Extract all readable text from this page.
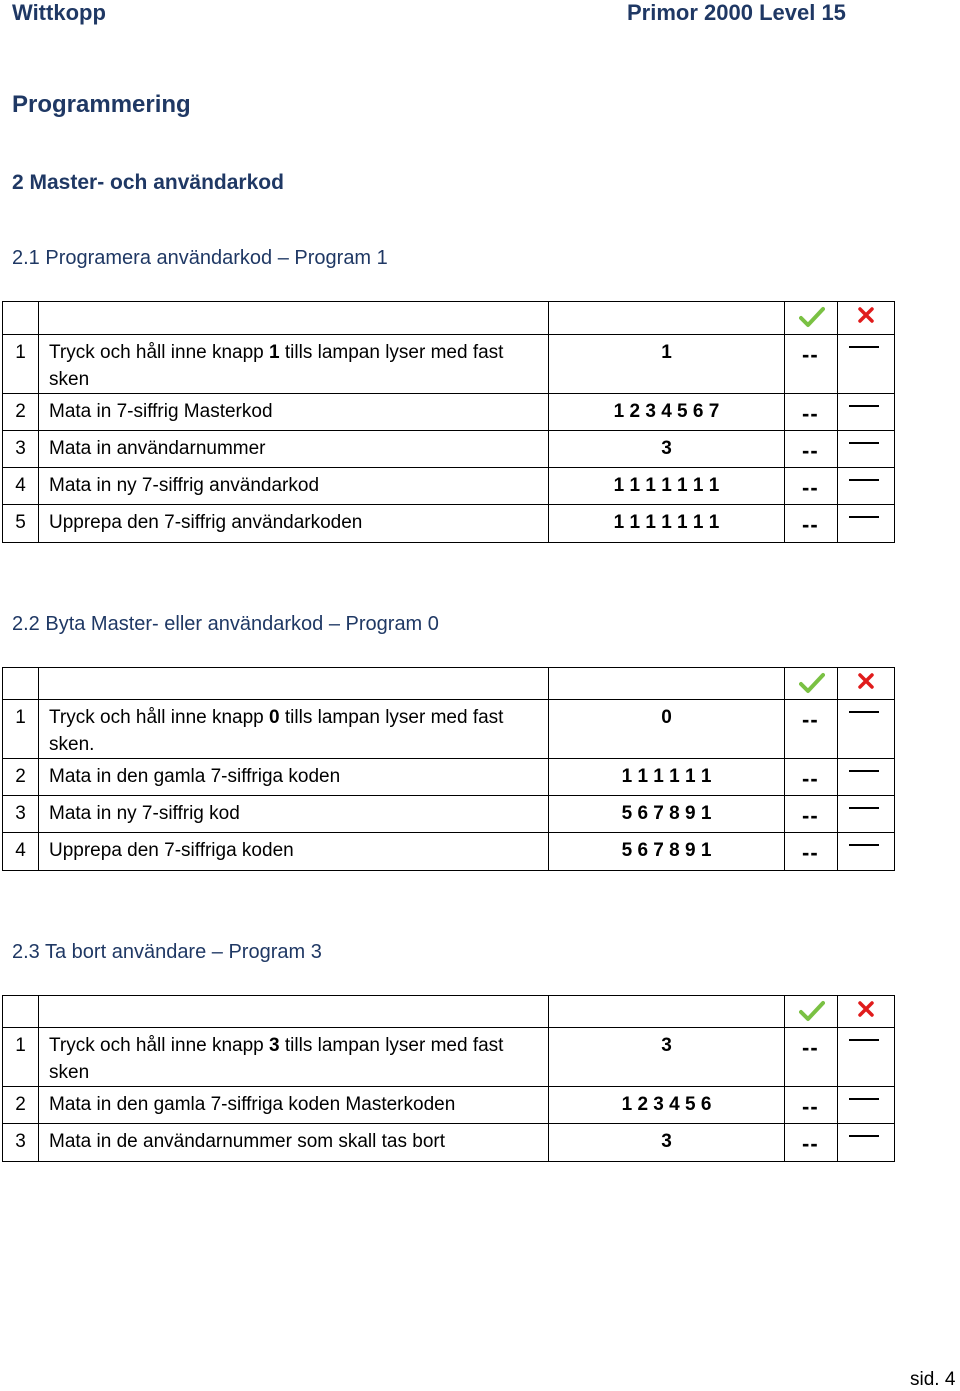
Wittkopp	Primor 2000 Level 15
Programmering
2 Master- och användarkod
2.1 Programera användarkod – Program 1

1	Tryck och håll inne knapp 1 tills lampan lyser med fast sken	1	--	

2	Mata in 7-siffrig Masterkod	1 2 3 4 5 6 7	--	

3	Mata in användarnummer	3	--	

4	Mata in ny 7-siffrig användarkod	1 1 1 1 1 1 1	--	

5	Upprepa den 7-siffrig användarkoden	1 1 1 1 1 1 1	--	

2.2 Byta Master- eller användarkod – Program 0

1	Tryck och håll inne knapp 0 tills lampan lyser med fast sken.	0	--	

2	Mata in den gamla 7-siffriga koden	1 1 1 1 1 1	--	

3	Mata in ny 7-siffrig kod	5 6 7 8 9 1	--	

4	Upprepa den 7-siffriga koden	5 6 7 8 9 1	--	

2.3 Ta bort användare – Program 3

1	Tryck och håll inne knapp 3 tills lampan lyser med fast sken	3	--	

2	Mata in den gamla 7-siffriga koden Masterkoden	1 2 3 4 5 6	--	

3	Mata in de användarnummer som skall tas bort	3	--	

sid. 4
